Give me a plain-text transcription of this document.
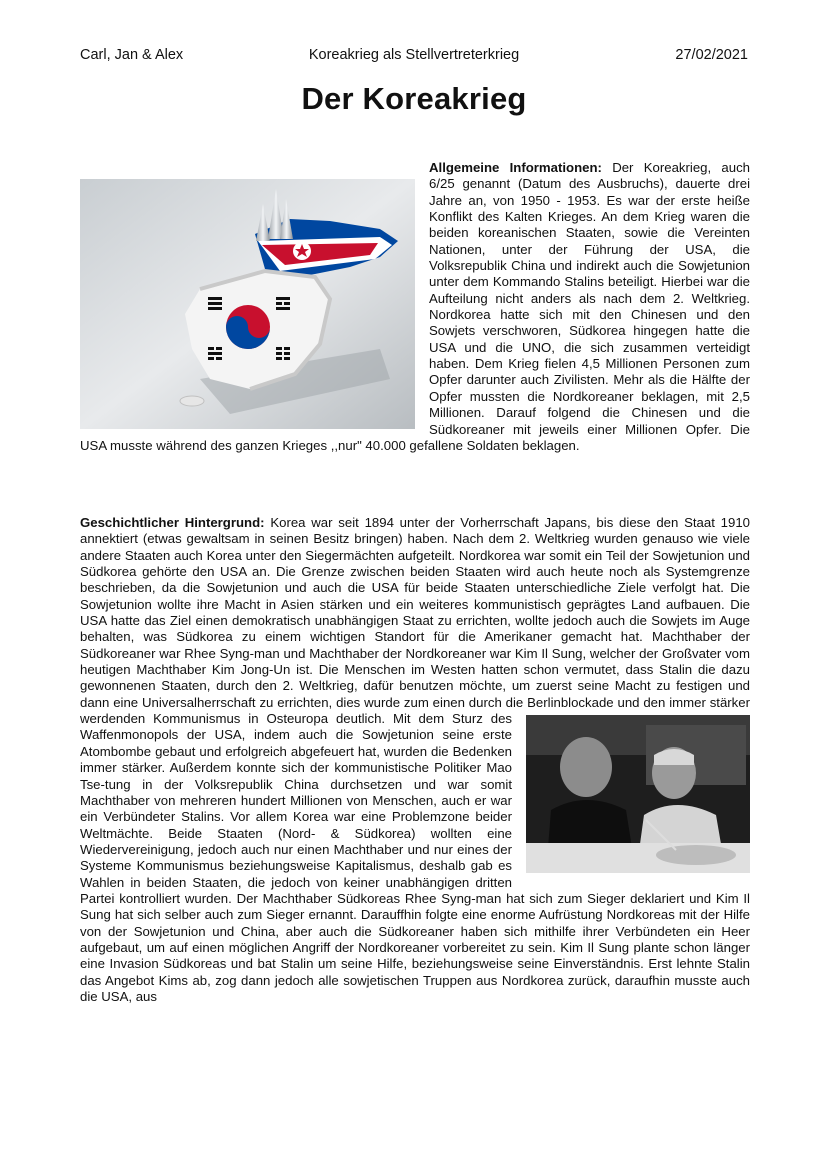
Koreakrieg als Stellvertreterkrieg
Carl, Jan & Alex	27/02/2021
Der Koreakrieg

Allgemeine Informationen: Der Koreakrieg, auch 6/25 genannt (Datum des Ausbruchs), dauerte drei Jahre an, von 1950 - 1953. Es war der erste heiße Konflikt des Kalten Krieges. An dem Krieg waren die beiden koreanischen Staaten, sowie die Vereinten Nationen, unter der Führung der USA, die Volksrepublik China und indirekt auch die Sowjetunion unter dem Kommando Stalins beteiligt. Hierbei war die Aufteilung nicht anders als nach dem 2. Weltkrieg. Nordkorea hatte sich mit den Chinesen und den Sowjets verschworen, Südkorea hingegen hatte die USA und die UNO, die sich zusammen verteidigt haben. Dem Krieg fielen 4,5 Millionen Personen zum Opfer darunter auch Zivilisten. Mehr als die Hälfte der Opfer mussten die Nordkoreaner beklagen, mit 2,5 Millionen. Darauf folgend die Chinesen und die Südkoreaner mit jeweils einer Millionen Opfer. Die USA musste während des ganzen Krieges ,,nur" 40.000 gefallene Soldaten beklagen.

Geschichtlicher Hintergrund: Korea war seit 1894 unter der Vorherrschaft Japans, bis diese den Staat 1910 annektiert (etwas gewaltsam in seinen Besitz bringen) haben. Nach dem 2. Weltkrieg wurden genauso wie viele andere Staaten auch Korea unter den Siegermächten aufgeteilt. Nordkorea war somit ein Teil der Sowjetunion und Südkorea gehörte den USA an. Die Grenze zwischen beiden Staaten wird auch heute noch als Systemgrenze beschrieben, da die Sowjetunion und auch die USA für beide Staaten unterschiedliche Ziele verfolgt hat. Die Sowjetunion wollte ihre Macht in Asien stärken und ein weiteres kommunistisch geprägtes Land aufbauen. Die USA hatte das Ziel einen demokratisch unabhängigen Staat zu errichten, wollte jedoch auch die Sowjets im Auge behalten, was Südkorea zu einem wichtigen Standort für die Amerikaner gemacht hat. Machthaber der Südkoreaner war Rhee Syng-man und Machthaber der Nordkoreaner war Kim Il Sung, welcher der Großvater vom heutigen Machthaber Kim Jong-Un ist. Die Menschen im Westen hatten schon vermutet, dass Stalin die dazu gewonnenen Staaten, durch den 2. Weltkrieg, dafür benutzen möchte, um zuerst seine Macht zu festigen und dann eine Universalherrschaft zu errichten, dies wurde zum einen durch die Berlinblockade und den immer stärker werdenden Kommunismus in Osteuropa deutlich. Mit dem Sturz des Waffenmonopols der USA, indem auch die Sowjetunion seine erste Atombombe gebaut und erfolgreich abgefeuert hat, wurden die Bedenken immer stärker. Außerdem konnte sich der kommunistische Politiker Mao Tse-tung in der Volksrepublik China durchsetzen und war somit Machthaber von mehreren hundert Millionen von Menschen, auch er war ein Verbündeter Stalins. Vor allem Korea war eine Problemzone beider Weltmächte. Beide Staaten (Nord- & Südkorea) wollten eine Wiedervereinigung, jedoch auch nur einen Machthaber und nur eines der Systeme Kommunismus beziehungsweise Kapitalismus, deshalb gab es Wahlen in beiden Staaten, die jedoch von keiner unabhängigen dritten Partei kontrolliert wurden. Der Machthaber Südkoreas Rhee Syng-man hat sich zum Sieger deklariert und Kim Il Sung hat sich selber auch zum Sieger ernannt. Darauffhin folgte eine enorme Aufrüstung Nordkoreas mit der Hilfe von der Sowjetunion und China, aber auch die Südkoreaner haben sich mithilfe ihrer Verbündeten ein Heer aufgebaut, um auf einen möglichen Angriff der Nordkoreaner vorbereitet zu sein. Kim Il Sung plante schon länger eine Invasion Südkoreas und bat Stalin um seine Hilfe, beziehungsweise seine Einverständnis. Erst lehnte Stalin das Angebot Kims ab, zog dann jedoch alle sowjetischen Truppen aus Nordkorea zurück, daraufhin musste auch die USA, aus
